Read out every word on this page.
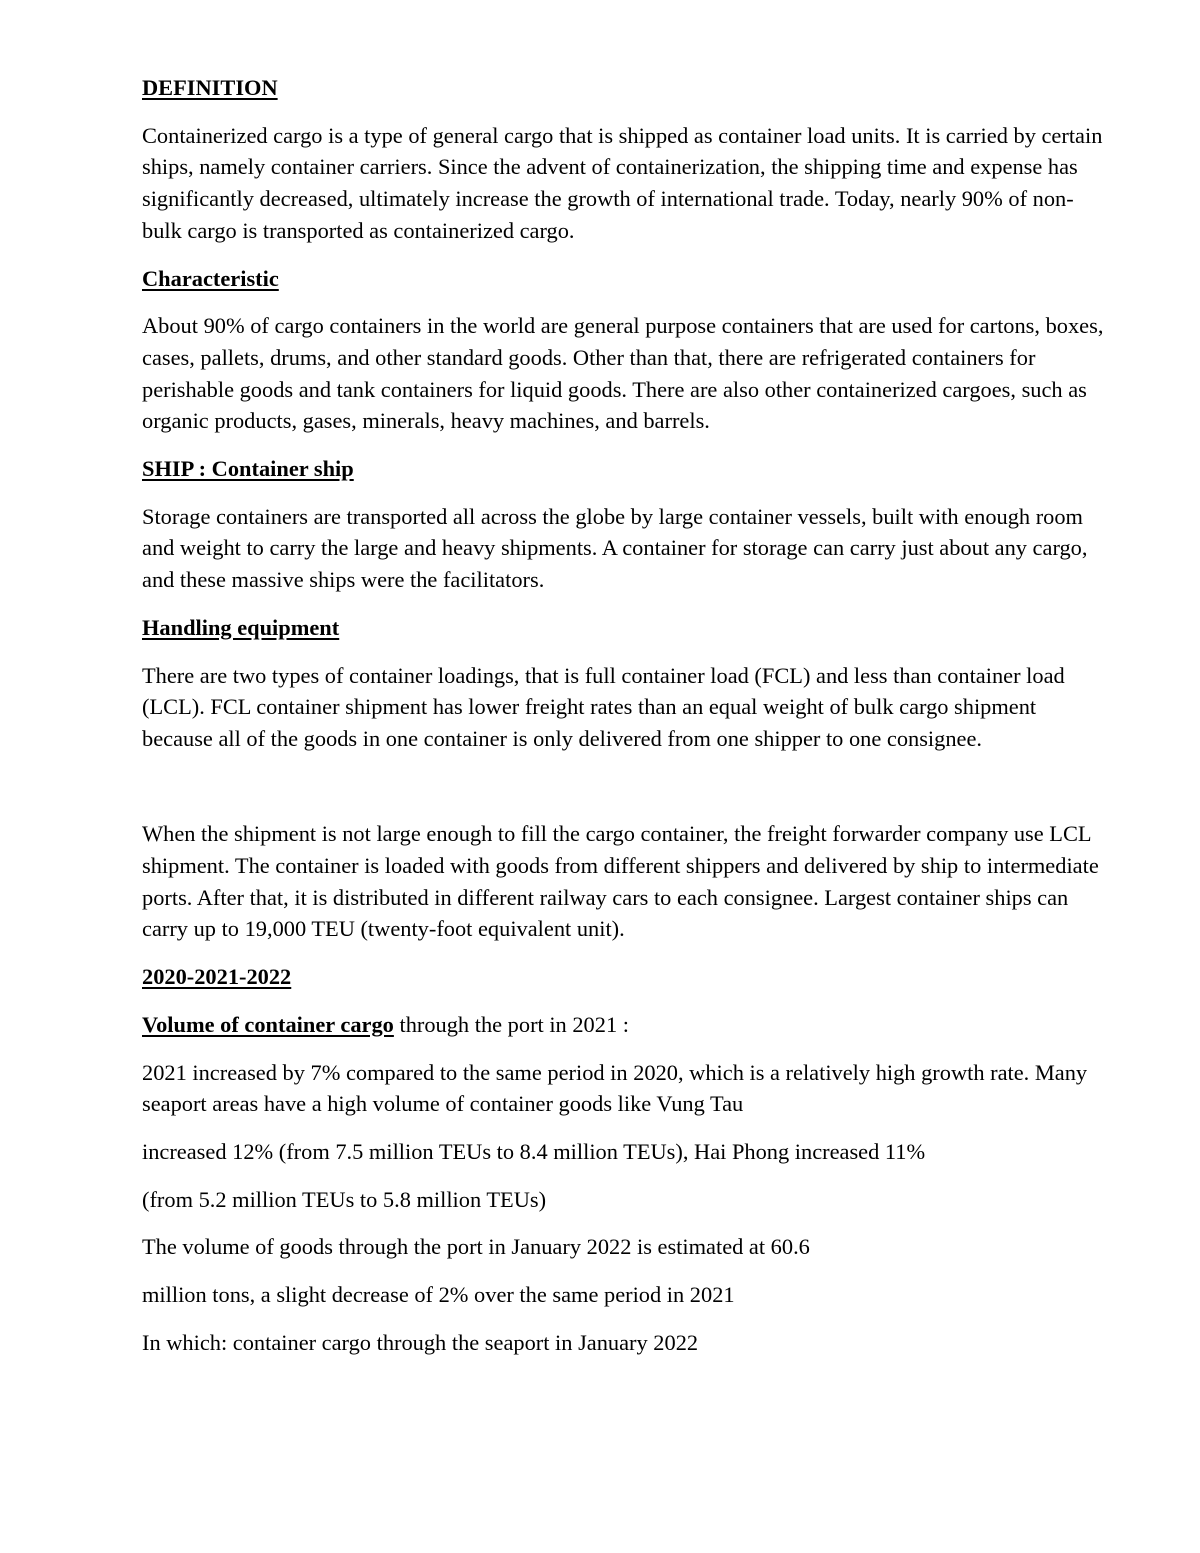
DEFINITION

Containerized cargo is a type of general cargo that is shipped as container load units. It is carried by certain ships, namely container carriers. Since the advent of containerization, the shipping time and expense has significantly decreased, ultimately increase the growth of international trade. Today, nearly 90% of non-bulk cargo is transported as containerized cargo.

Characteristic

About 90% of cargo containers in the world are general purpose containers that are used for cartons, boxes, cases, pallets, drums, and other standard goods. Other than that, there are refrigerated containers for perishable goods and tank containers for liquid goods. There are also other containerized cargoes, such as organic products, gases, minerals, heavy machines, and barrels.

SHIP : Container ship

Storage containers are transported all across the globe by large container vessels, built with enough room and weight to carry the large and heavy shipments. A container for storage can carry just about any cargo, and these massive ships were the facilitators.

Handling equipment

There are two types of container loadings, that is full container load (FCL) and less than container load (LCL). FCL container shipment has lower freight rates than an equal weight of bulk cargo shipment because all of the goods in one container is only delivered from one shipper to one consignee.

When the shipment is not large enough to fill the cargo container, the freight forwarder company use LCL shipment. The container is loaded with goods from different shippers and delivered by ship to intermediate ports. After that, it is distributed in different railway cars to each consignee. Largest container ships can carry up to 19,000 TEU (twenty-foot equivalent unit).

2020-2021-2022

Volume of container cargo through the port in 2021 :

2021 increased by 7% compared to the same period in 2020, which is a relatively high growth rate. Many seaport areas have a high volume of container goods like Vung Tau

increased 12% (from 7.5 million TEUs to 8.4 million TEUs), Hai Phong increased 11%

(from 5.2 million TEUs to 5.8 million TEUs)

The volume of goods through the port in January 2022 is estimated at 60.6

million tons, a slight decrease of 2% over the same period in 2021

In which: container cargo through the seaport in January 2022
